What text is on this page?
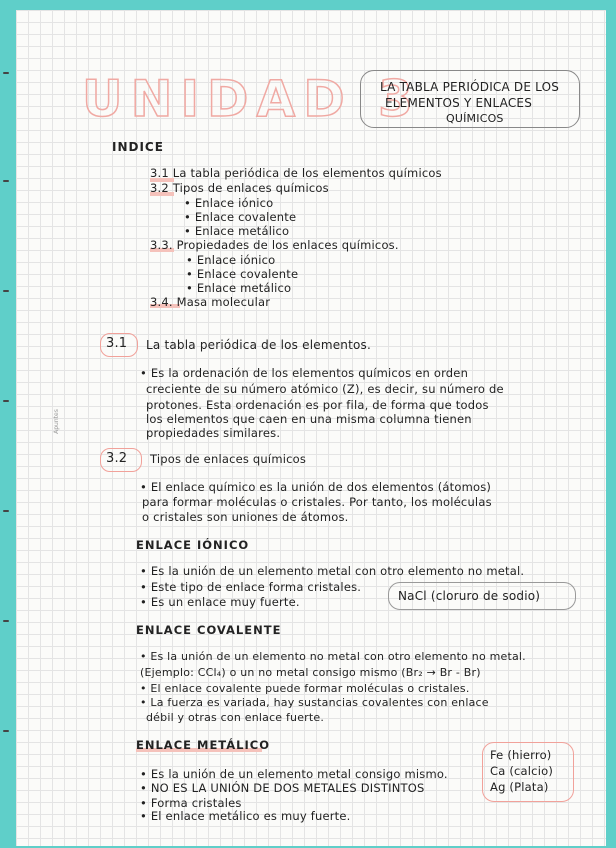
UNIDAD 3
LA TABLA PERIÓDICA DE LOS
ELEMENTOS Y ENLACES
QUÍMICOS
INDICE
3.1 La tabla periódica de los elementos químicos
3.2 Tipos de enlaces químicos
• Enlace iónico
• Enlace covalente
• Enlace metálico
3.3. Propiedades de los enlaces químicos.
• Enlace iónico
• Enlace covalente
• Enlace metálico
3.4. Masa molecular
3.1 La tabla periódica de los elementos.
• Es la ordenación de los elementos químicos en orden
creciente de su número atómico (Z), es decir, su número de
protones. Esta ordenación es por fila, de forma que todos
los elementos que caen en una misma columna tienen
propiedades similares.
Apuntes
3.2 Tipos de enlaces químicos
• El enlace químico es la unión de dos elementos (átomos)
para formar moléculas o cristales. Por tanto, los moléculas
o cristales son uniones de átomos.
ENLACE IÓNICO
• Es la unión de un elemento metal con otro elemento no metal.
• Este tipo de enlace forma cristales.
• Es un enlace muy fuerte.	NaCl (cloruro de sodio)
ENLACE COVALENTE
• Es la unión de un elemento no metal con otro elemento no metal.
(Ejemplo: CCl₄) o un no metal consigo mismo (Br₂ → Br - Br)
• El enlace covalente puede formar moléculas o cristales.
• La fuerza es variada, hay sustancias covalentes con enlace
débil y otras con enlace fuerte.
ENLACE METÁLICO
• Es la unión de un elemento metal consigo mismo.
• NO ES LA UNIÓN DE DOS METALES DISTINTOS
• Forma cristales
• El enlace metálico es muy fuerte.
Fe (hierro)
Ca (calcio)
Ag (Plata)
